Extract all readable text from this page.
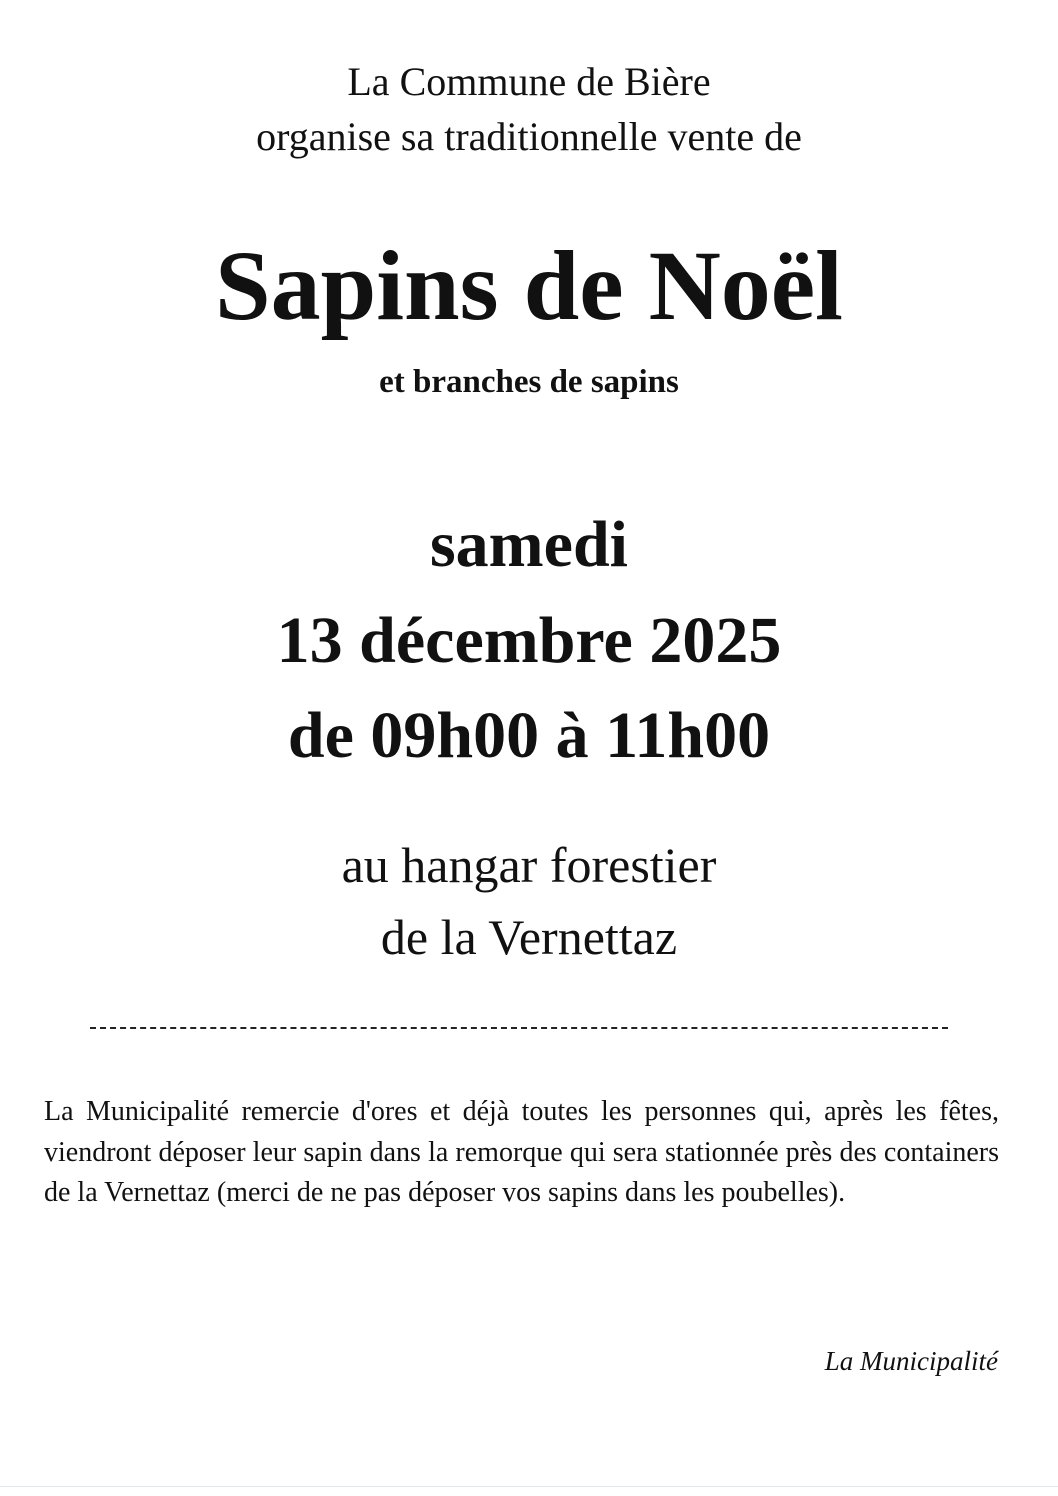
La Commune de Bière
organise sa traditionnelle vente de
Sapins de Noël
et branches de sapins
samedi
13 décembre 2025
de 09h00 à 11h00
au hangar forestier
de la Vernettaz
La Municipalité remercie d'ores et déjà toutes les personnes qui, après les fêtes, viendront déposer leur sapin dans la remorque qui sera stationnée près des containers de la Vernettaz (merci de ne pas déposer vos sapins dans les poubelles).
La Municipalité
